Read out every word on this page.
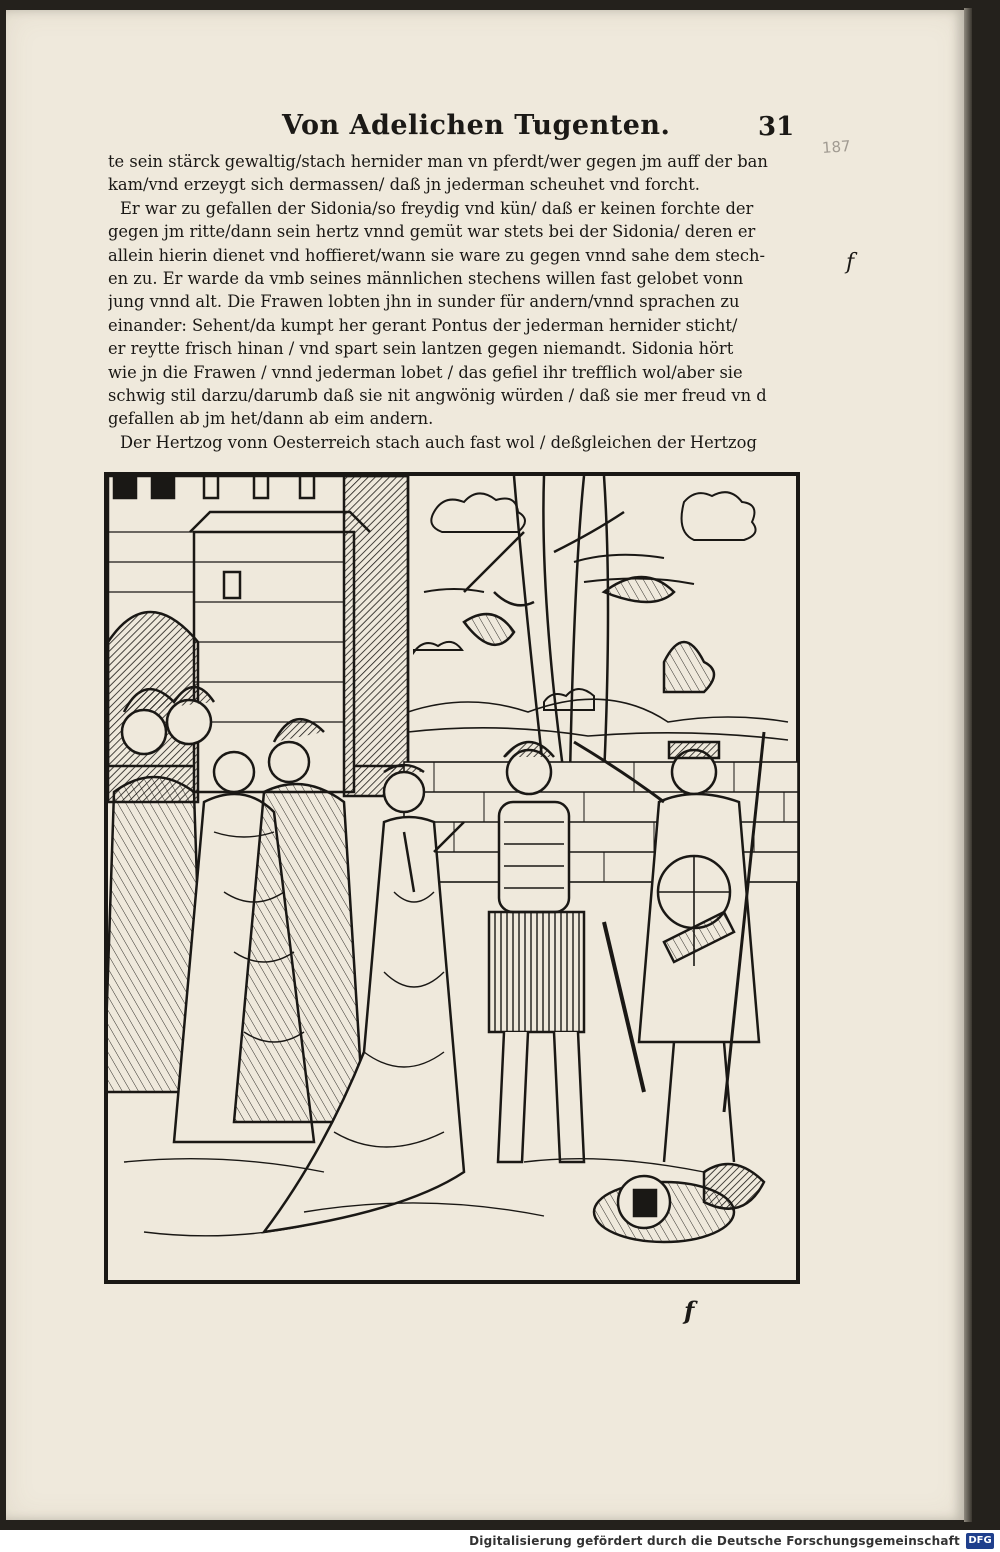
Von Adelichen Tugenten.	31
187
f
te sein stärck gewaltig/stach hernider man vn pferdt/wer gegen jm auff der ban
kam/vnd erzeygt sich dermassen/ daß jn jederman scheuhet vnd forcht.
Er war zu gefallen der Sidonia/so freydig vnd kün/ daß er keinen forchte der
gegen jm ritte/dann sein hertz vnnd gemüt war stets bei der Sidonia/ deren er
allein hierin dienet vnd hoffieret/wann sie ware zu gegen vnnd sahe dem stech-
en zu. Er warde da vmb seines männlichen stechens willen fast gelobet vonn
jung vnnd alt. Die Frawen lobten jhn in sunder für andern/vnnd sprachen zu
einander: Sehent/da kumpt her gerant Pontus der jederman hernider sticht/
er reytte frisch hinan / vnd spart sein lantzen gegen niemandt. Sidonia hört
wie jn die Frawen / vnnd jederman lobet / das gefiel ihr trefflich wol/aber sie
schwig stil darzu/darumb daß sie nit angwönig würden / daß sie mer freud vn d
gefallen ab jm het/dann ab eim andern.
Der Hertzog vonn Oesterreich stach auch fast wol / deßgleichen der Hertzog
f
Digitalisierung gefördert durch die Deutsche Forschungsgemeinschaft DFG
